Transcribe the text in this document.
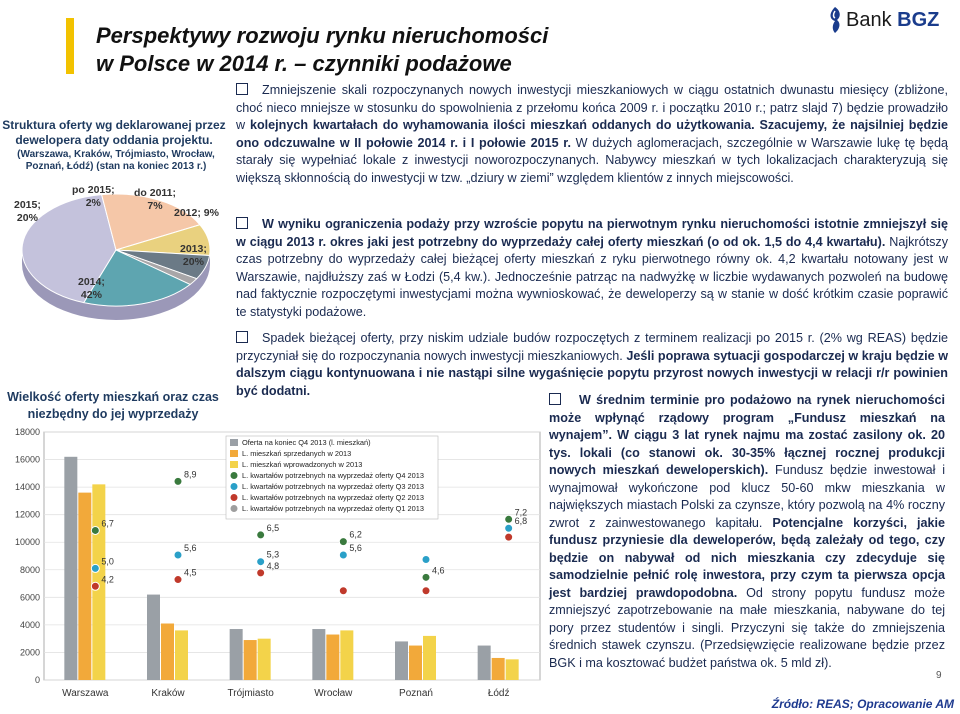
Perspektywy rozwoju rynku nieruchomości
w Polsce w 2014 r. – czynniki podażowe
Bank BGZ
Struktura oferty wg deklarowanej przez dewelopera daty oddania projektu.
(Warszawa, Kraków, Trójmiasto, Wrocław, Poznań, Łódź) (stan na koniec 2013 r.)
2014;
42%
2013;
20%
2012; 9%
do 2011;
7%
po 2015;
2%
2015;
20%
Wielkość oferty mieszkań oraz czas niezbędny do jej wyprzedaży
0
2000
4000
6000
8000
10000
12000
14000
16000
18000
Warszawa	Kraków	Trójmiasto	Wrocław	Poznań	Łódź
6,7
8,9
6,5
6,2
4,6
7,2
5,0
5,6
5,3
5,6
6,8
4,2
4,5
4,8
Oferta na koniec Q4 2013 (l. mieszkań)
L. mieszkań sprzedanych w 2013
L. mieszkań wprowadzonych w 2013
L. kwartałów potrzebnych na wyprzedaż oferty Q4 2013
L. kwartałów potrzebnych na wyprzedaż oferty Q3 2013
L. kwartałów potrzebnych na wyprzedaż oferty Q2 2013
L. kwartałów potrzebnych na wyprzedaż oferty Q1 2013
Zmniejszenie skali rozpoczynanych nowych inwestycji mieszkaniowych w ciągu ostatnich dwunastu miesięcy (zbliżone, choć nieco mniejsze w stosunku do spowolnienia z przełomu końca 2009 r. i początku 2010 r.; patrz slajd 7) będzie prowadziło w kolejnych kwartałach do wyhamowania ilości mieszkań oddanych do użytkowania. Szacujemy, że najsilniej będzie ono odczuwalne w II połowie 2014 r. i I połowie 2015 r. W dużych aglomeracjach, szczególnie w Warszawie lukę tę będą starały się wypełniać lokale z inwestycji noworozpoczynanych. Nabywcy mieszkań w tych lokalizacjach charakteryzują się większą skłonnością do inwestycji w tzw. „dziury w ziemi” względem klientów z innych miejscowości.
W wyniku ograniczenia podaży przy wzroście popytu na pierwotnym rynku nieruchomości istotnie zmniejszył się w ciągu 2013 r. okres jaki jest potrzebny do wyprzedaży całej oferty mieszkań (o od ok. 1,5 do 4,4 kwartału). Najkrótszy czas potrzebny do wyprzedaży całej bieżącej oferty mieszkań z ryku pierwotnego równy ok. 4,2 kwartału notowany jest w Warszawie, najdłuższy zaś w Łodzi (5,4 kw.). Jednocześnie patrząc na nadwyżkę w liczbie wydawanych pozwoleń na budowę nad faktycznie rozpoczętymi inwestycjami można wywnioskować, że deweloperzy są w stanie w dość krótkim czasie poprawić te statystyki podażowe.
Spadek bieżącej oferty, przy niskim udziale budów rozpoczętych z terminem realizacji po 2015 r. (2% wg REAS) będzie przyczyniał się do rozpoczynania nowych inwestycji mieszkaniowych. Jeśli poprawa sytuacji gospodarczej w kraju będzie w dalszym ciągu kontynuowana i nie nastąpi silne wygaśnięcie popytu przyrost nowych inwestycji w relacji r/r powinien być dodatni.
W średnim terminie pro podażowo na rynek nieruchomości może wpłynąć rządowy program „Fundusz mieszkań na wynajem”. W ciągu 3 lat rynek najmu ma zostać zasilony ok. 20 tys. lokali (co stanowi ok. 30-35% łącznej rocznej produkcji nowych mieszkań deweloperskich). Fundusz będzie inwestował i wynajmował wykończone pod klucz 50-60 mkw mieszkania w największych miastach Polski za czynsze, który pozwolą na 4% roczny zwrot z zainwestowanego kapitału. Potencjalne korzyści, jakie fundusz przyniesie dla deweloperów, będą zależały od tego, czy będzie on nabywał od nich mieszkania czy zdecyduje się samodzielnie pełnić rolę inwestora, przy czym ta pierwsza opcja jest bardziej prawdopodobna. Od strony popytu fundusz może zmniejszyć zapotrzebowanie na małe mieszkania, nabywane do tej pory przez studentów i singli. Przyczyni się także do zmniejszenia średnich stawek czynszu. (Przedsięwzięcie realizowane będzie przez BGK i ma kosztować budżet państwa ok. 5 mld zł).
9
Źródło: REAS; Opracowanie AM
